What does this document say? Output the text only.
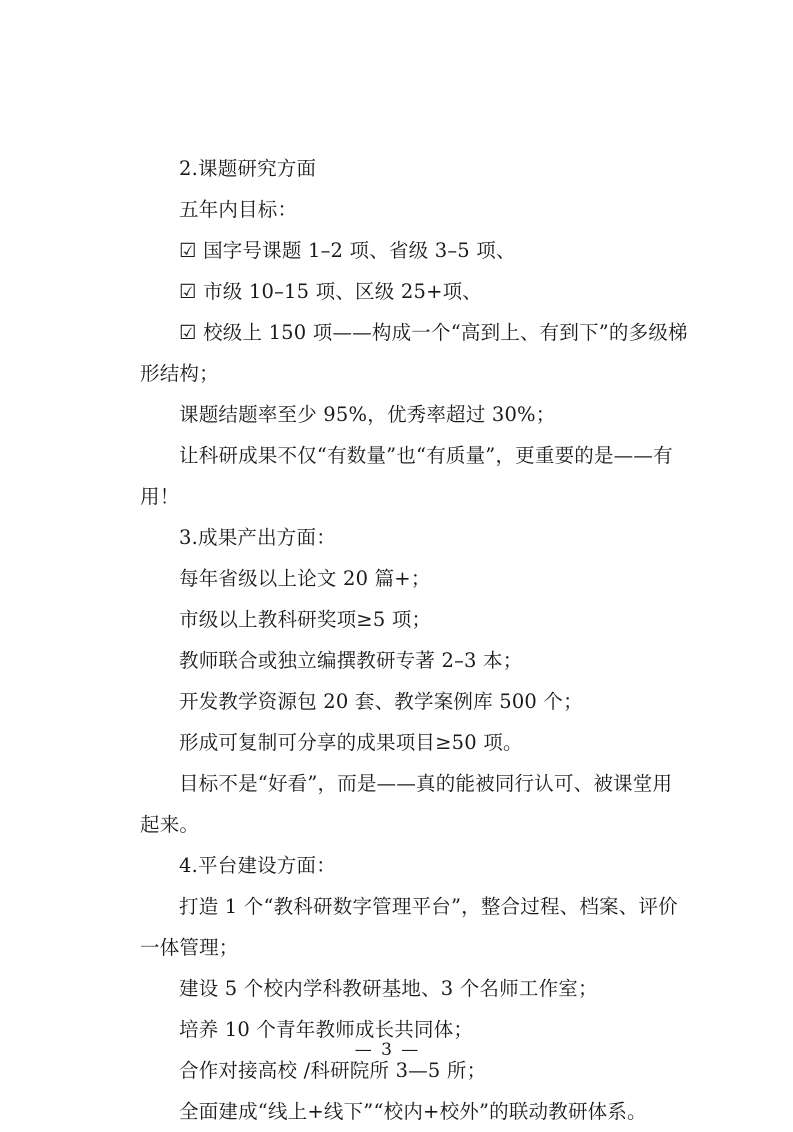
2.课题研究方面

五年内目标：

☑ 国字号课题 1–2 项、省级 3–5 项、

☑ 市级 10–15 项、区级 25+项、

☑ 校级上 150 项——构成一个“高到上、有到下”的多级梯形结构；

课题结题率至少 95%，优秀率超过 30%；

让科研成果不仅“有数量”也“有质量”，更重要的是——有用！

3.成果产出方面：

每年省级以上论文 20 篇+；

市级以上教科研奖项≥5 项；

教师联合或独立编撰教研专著 2–3 本；

开发教学资源包 20 套、教学案例库 500 个；

形成可复制可分享的成果项目≥50 项。

目标不是“好看”，而是——真的能被同行认可、被课堂用起来。

4.平台建设方面：

打造 1 个“教科研数字管理平台”，整合过程、档案、评价一体管理；

建设 5 个校内学科教研基地、3 个名师工作室；

培养 10 个青年教师成长共同体；

合作对接高校 /科研院所 3—5 所；

全面建成“线上+线下”“校内+校外”的联动教研体系。

— 3 —
